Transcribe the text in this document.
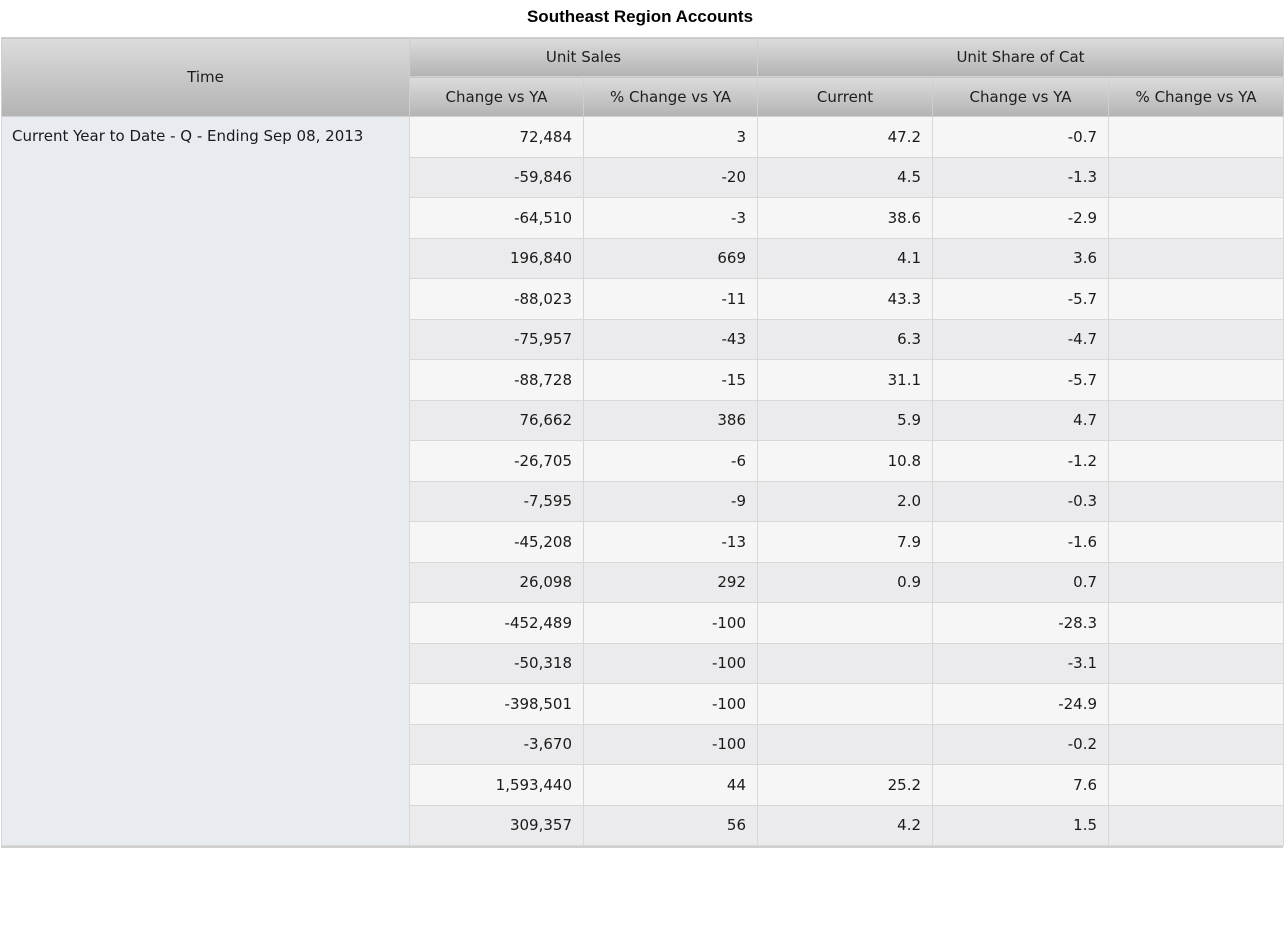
Southeast Region Accounts
Time	Unit Sales		Unit Share of Cat		
	Change vs YA	% Change vs YA	Current	Change vs YA	% Change vs YA
Current Year to Date - Q - Ending Sep 08, 2013	72,484	3	47.2	-0.7	
	-59,846	-20	4.5	-1.3	
	-64,510	-3	38.6	-2.9	
	196,840	669	4.1	3.6	
	-88,023	-11	43.3	-5.7	
	-75,957	-43	6.3	-4.7	
	-88,728	-15	31.1	-5.7	
	76,662	386	5.9	4.7	
	-26,705	-6	10.8	-1.2	
	-7,595	-9	2.0	-0.3	
	-45,208	-13	7.9	-1.6	
	26,098	292	0.9	0.7	
	-452,489	-100		-28.3	
	-50,318	-100		-3.1	
	-398,501	-100		-24.9	
	-3,670	-100		-0.2	
	1,593,440	44	25.2	7.6	
	309,357	56	4.2	1.5	
